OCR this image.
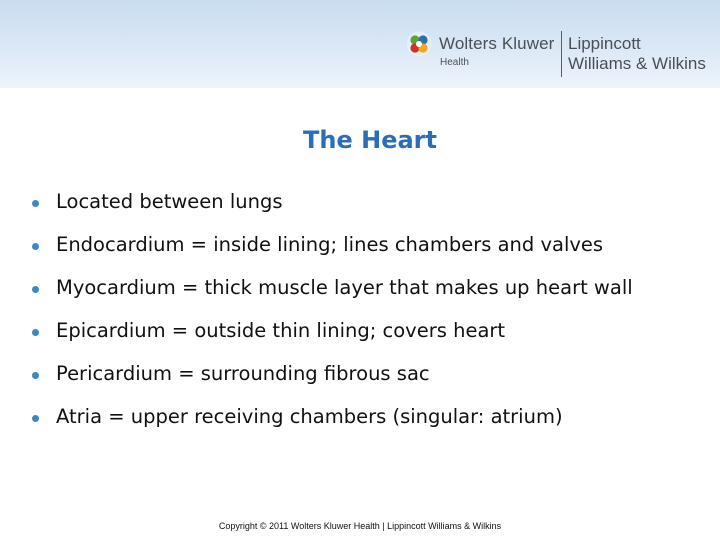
Wolters Kluwer
Health
Lippincott
Williams & Wilkins
The Heart
Located between lungs
Endocardium = inside lining; lines chambers and valves
Myocardium = thick muscle layer that makes up heart wall
Epicardium = outside thin lining; covers heart
Pericardium = surrounding fibrous sac
Atria = upper receiving chambers (singular: atrium)
Copyright © 2011 Wolters Kluwer Health | Lippincott Williams & Wilkins
